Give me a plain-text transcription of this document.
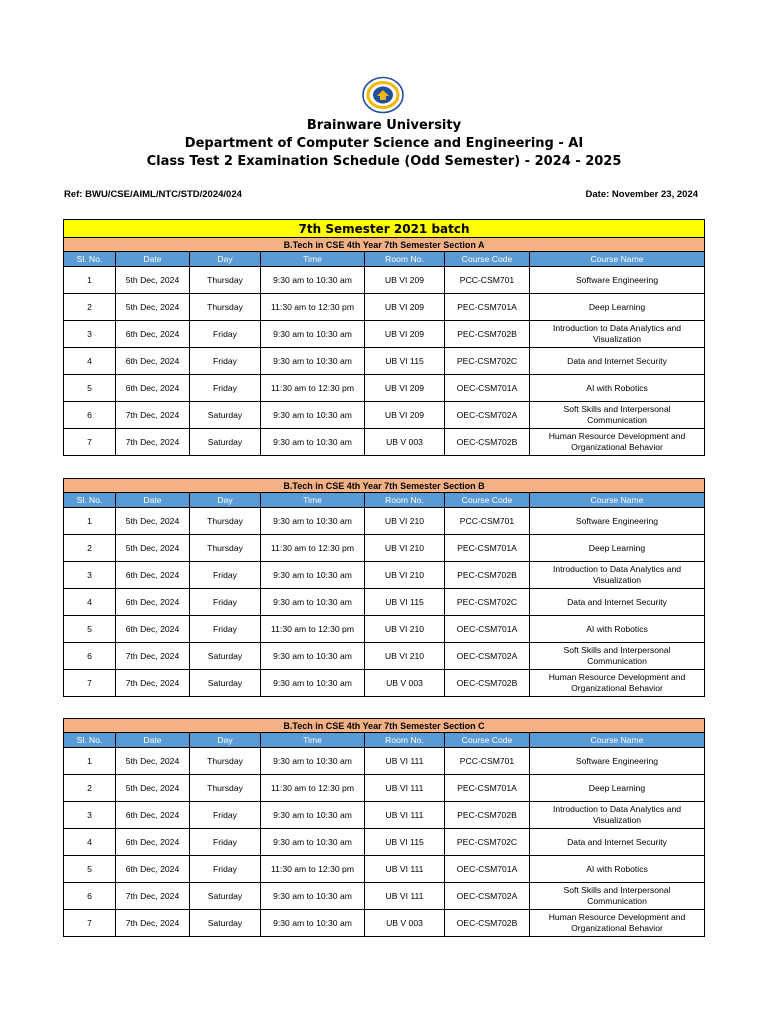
Brainware University
Department of Computer Science and Engineering - AI
Class Test 2 Examination Schedule (Odd Semester) - 2024 - 2025
Ref: BWU/CSE/AIML/NTC/STD/2024/024	Date: November 23, 2024
7th Semester 2021 batch						
B.Tech in CSE 4th Year 7th Semester Section A						
Sl. No.	Date	Day	Time	Room No.	Course Code	Course Name
1	5th Dec, 2024	Thursday	9:30 am to 10:30 am	UB VI 209	PCC-CSM701	Software Engineering
2	5th Dec, 2024	Thursday	11:30 am to 12:30 pm	UB VI 209	PEC-CSM701A	Deep Learning
3	6th Dec, 2024	Friday	9:30 am to 10:30 am	UB VI 209	PEC-CSM702B	Introduction to Data Analytics and Visualization
4	6th Dec, 2024	Friday	9:30 am to 10:30 am	UB VI 115	PEC-CSM702C	Data and Internet Security
5	6th Dec, 2024	Friday	11:30 am to 12:30 pm	UB VI 209	OEC-CSM701A	AI with Robotics
6	7th Dec, 2024	Saturday	9:30 am to 10:30 am	UB VI 209	OEC-CSM702A	Soft Skills and Interpersonal Communication
7	7th Dec, 2024	Saturday	9:30 am to 10:30 am	UB V 003	OEC-CSM702B	Human Resource Development and Organizational Behavior
B.Tech in CSE 4th Year 7th Semester Section B						
Sl. No.	Date	Day	Time	Room No.	Course Code	Course Name
1	5th Dec, 2024	Thursday	9:30 am to 10:30 am	UB VI 210	PCC-CSM701	Software Engineering
2	5th Dec, 2024	Thursday	11:30 am to 12:30 pm	UB VI 210	PEC-CSM701A	Deep Learning
3	6th Dec, 2024	Friday	9:30 am to 10:30 am	UB VI 210	PEC-CSM702B	Introduction to Data Analytics and Visualization
4	6th Dec, 2024	Friday	9:30 am to 10:30 am	UB VI 115	PEC-CSM702C	Data and Internet Security
5	6th Dec, 2024	Friday	11:30 am to 12:30 pm	UB VI 210	OEC-CSM701A	AI with Robotics
6	7th Dec, 2024	Saturday	9:30 am to 10:30 am	UB VI 210	OEC-CSM702A	Soft Skills and Interpersonal Communication
7	7th Dec, 2024	Saturday	9:30 am to 10:30 am	UB V 003	OEC-CSM702B	Human Resource Development and Organizational Behavior
B.Tech in CSE 4th Year 7th Semester Section C						
Sl. No.	Date	Day	Time	Room No.	Course Code	Course Name
1	5th Dec, 2024	Thursday	9:30 am to 10:30 am	UB VI 111	PCC-CSM701	Software Engineering
2	5th Dec, 2024	Thursday	11:30 am to 12:30 pm	UB VI 111	PEC-CSM701A	Deep Learning
3	6th Dec, 2024	Friday	9:30 am to 10:30 am	UB VI 111	PEC-CSM702B	Introduction to Data Analytics and Visualization
4	6th Dec, 2024	Friday	9:30 am to 10:30 am	UB VI 115	PEC-CSM702C	Data and Internet Security
5	6th Dec, 2024	Friday	11:30 am to 12:30 pm	UB VI 111	OEC-CSM701A	AI with Robotics
6	7th Dec, 2024	Saturday	9:30 am to 10:30 am	UB VI 111	OEC-CSM702A	Soft Skills and Interpersonal Communication
7	7th Dec, 2024	Saturday	9:30 am to 10:30 am	UB V 003	OEC-CSM702B	Human Resource Development and Organizational Behavior
